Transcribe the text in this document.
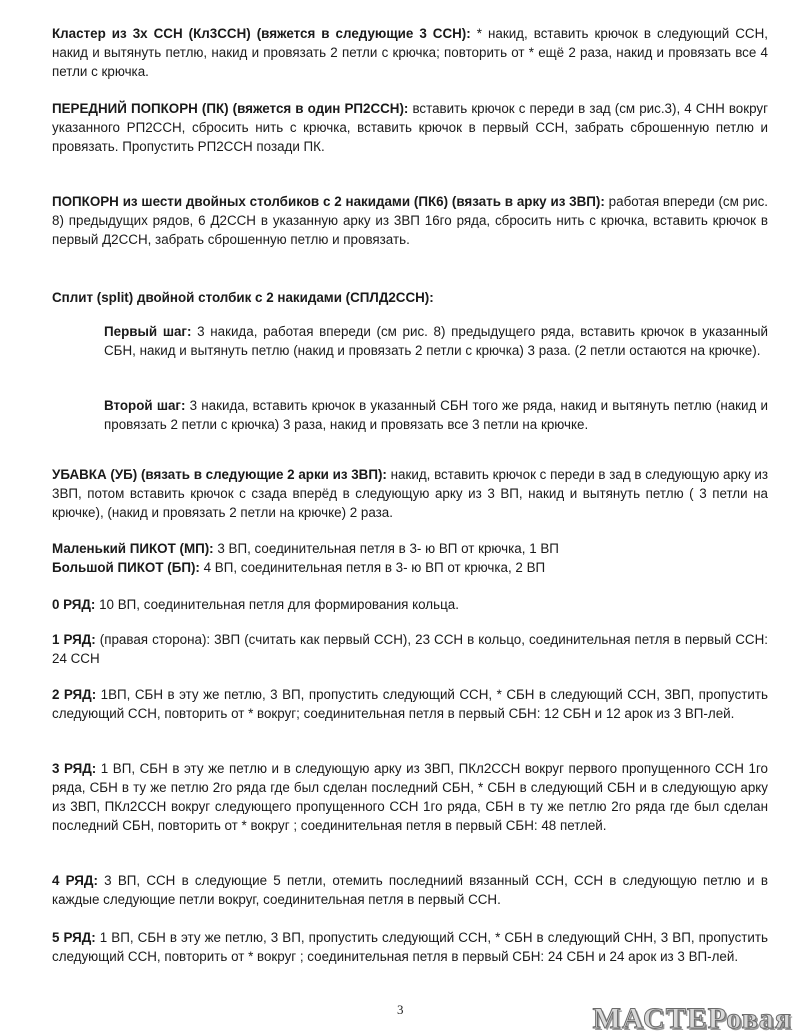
Кластер из 3х ССН (Кл3ССН) (вяжется в следующие 3 ССН): * накид, вставить крючок в следующий ССН, накид и вытянуть петлю, накид и провязать 2 петли с крючка; повторить от * ещё 2 раза, накид и провязать все 4 петли с крючка.

ПЕРЕДНИЙ ПОПКОРН (ПК) (вяжется в один РП2ССН): вставить крючок с переди в зад (см рис.3), 4 СНН вокруг указанного РП2ССН, сбросить нить с крючка, вставить крючок в первый ССН, забрать сброшенную петлю и провязать. Пропустить РП2ССН позади ПК.

ПОПКОРН из шести двойных столбиков с 2 накидами (ПК6) (вязать в арку из 3ВП): работая впереди (см рис. 8) предыдущих рядов, 6 Д2ССН в указанную арку из 3ВП 16го ряда, сбросить нить с крючка, вставить крючок в первый Д2ССН, забрать сброшенную петлю и провязать.

Сплит (split) двойной столбик с 2 накидами (СПЛД2ССН):

Первый шаг: 3 накида, работая впереди (см рис. 8) предыдущего ряда, вставить крючок в указанный СБН, накид и вытянуть петлю (накид и провязать 2 петли с крючка) 3 раза. (2 петли остаются на крючке).

Второй шаг: 3 накида, вставить крючок в указанный СБН того же ряда, накид и вытянуть петлю (накид и провязать 2 петли с крючка) 3 раза, накид и провязать все 3 петли на крючке.

УБАВКА (УБ) (вязать в следующие 2 арки из 3ВП): накид, вставить крючок с переди в зад в следующую арку из 3ВП, потом вставить крючок с сзада вперёд в следующую арку из 3 ВП, накид и вытянуть петлю ( 3 петли на крючке), (накид и провязать 2 петли на крючке) 2 раза.

Маленький ПИКОТ (МП): 3 ВП, соединительная петля в 3- ю ВП от крючка, 1 ВП
Большой ПИКОТ (БП): 4 ВП, соединительная петля в 3- ю ВП от крючка, 2 ВП

0 РЯД: 10 ВП, соединительная петля для формирования кольца.

1 РЯД: (правая сторона): 3ВП (считать как первый ССН), 23 ССН в кольцо, соединительная петля в первый ССН: 24 ССН

2 РЯД: 1ВП, СБН в эту же петлю, 3 ВП, пропустить следующий ССН, * СБН в следующий ССН, 3ВП, пропустить следующий ССН, повторить от * вокруг; соединительная петля в первый СБН: 12 СБН и 12 арок из 3 ВП-лей.

3 РЯД: 1 ВП, СБН в эту же петлю и в следующую арку из 3ВП, ПКл2ССН вокруг первого пропущенного ССН 1го ряда, СБН в ту же петлю 2го ряда где был сделан последний СБН, * СБН в следующий СБН и в следующую арку из 3ВП, ПКл2ССН вокруг следующего пропущенного ССН 1го ряда, СБН в ту же петлю 2го ряда где был сделан последний СБН, повторить от * вокруг ; соединительная петля в первый СБН: 48 петлей.

4 РЯД: 3 ВП, ССН в следующие 5 петли, отемить последниий вязанный ССН, ССН в следующую петлю и в каждые следующие петли вокруг, соединительная петля в первый ССН.

5 РЯД: 1 ВП, СБН в эту же петлю, 3 ВП, пропустить следующий ССН, * СБН в следующий СНН, 3 ВП, пропустить следующий ССН, повторить от * вокруг ; соединительная петля в первый СБН: 24 СБН и 24 арок из 3 ВП-лей.

3	МАСТЕРовая
